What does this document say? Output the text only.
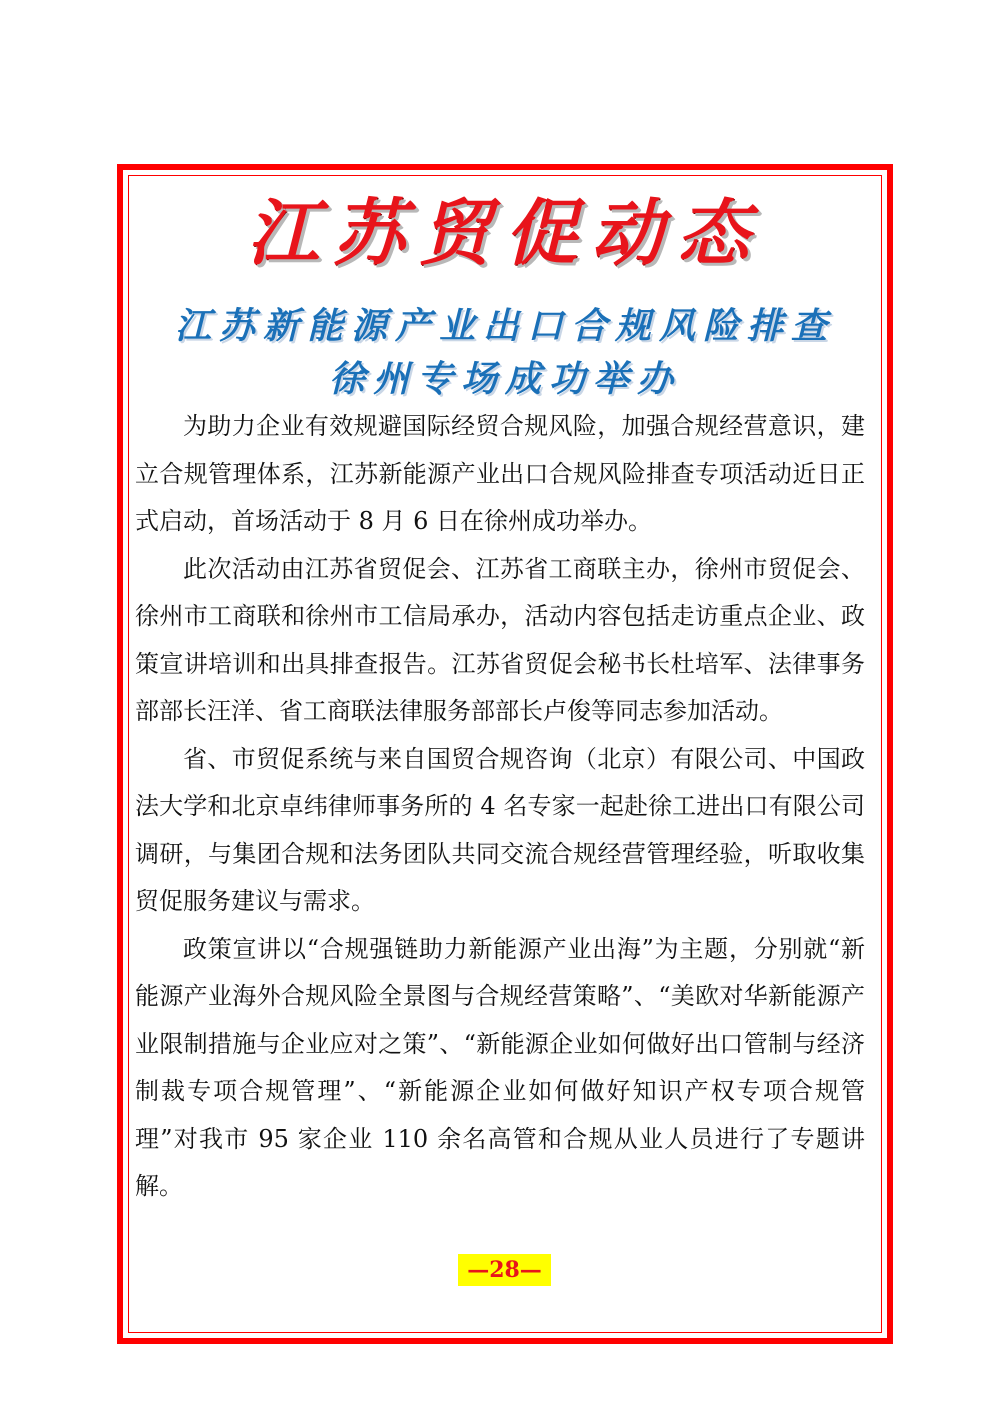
江苏贸促动态
江苏新能源产业出口合规风险排查
徐州专场成功举办

为助力企业有效规避国际经贸合规风险，加强合规经营意识，建立合规管理体系，江苏新能源产业出口合规风险排查专项活动近日正式启动，首场活动于 8 月 6 日在徐州成功举办。

此次活动由江苏省贸促会、江苏省工商联主办，徐州市贸促会、徐州市工商联和徐州市工信局承办，活动内容包括走访重点企业、政策宣讲培训和出具排查报告。江苏省贸促会秘书长杜培军、法律事务部部长汪洋、省工商联法律服务部部长卢俊等同志参加活动。

省、市贸促系统与来自国贸合规咨询（北京）有限公司、中国政法大学和北京卓纬律师事务所的 4 名专家一起赴徐工进出口有限公司调研，与集团合规和法务团队共同交流合规经营管理经验，听取收集贸促服务建议与需求。

政策宣讲以“合规强链助力新能源产业出海”为主题，分别就“新能源产业海外合规风险全景图与合规经营策略”、“美欧对华新能源产业限制措施与企业应对之策”、“新能源企业如何做好出口管制与经济制裁专项合规管理”、“新能源企业如何做好知识产权专项合规管理”对我市 95 家企业 110 余名高管和合规从业人员进行了专题讲解。

—28—
